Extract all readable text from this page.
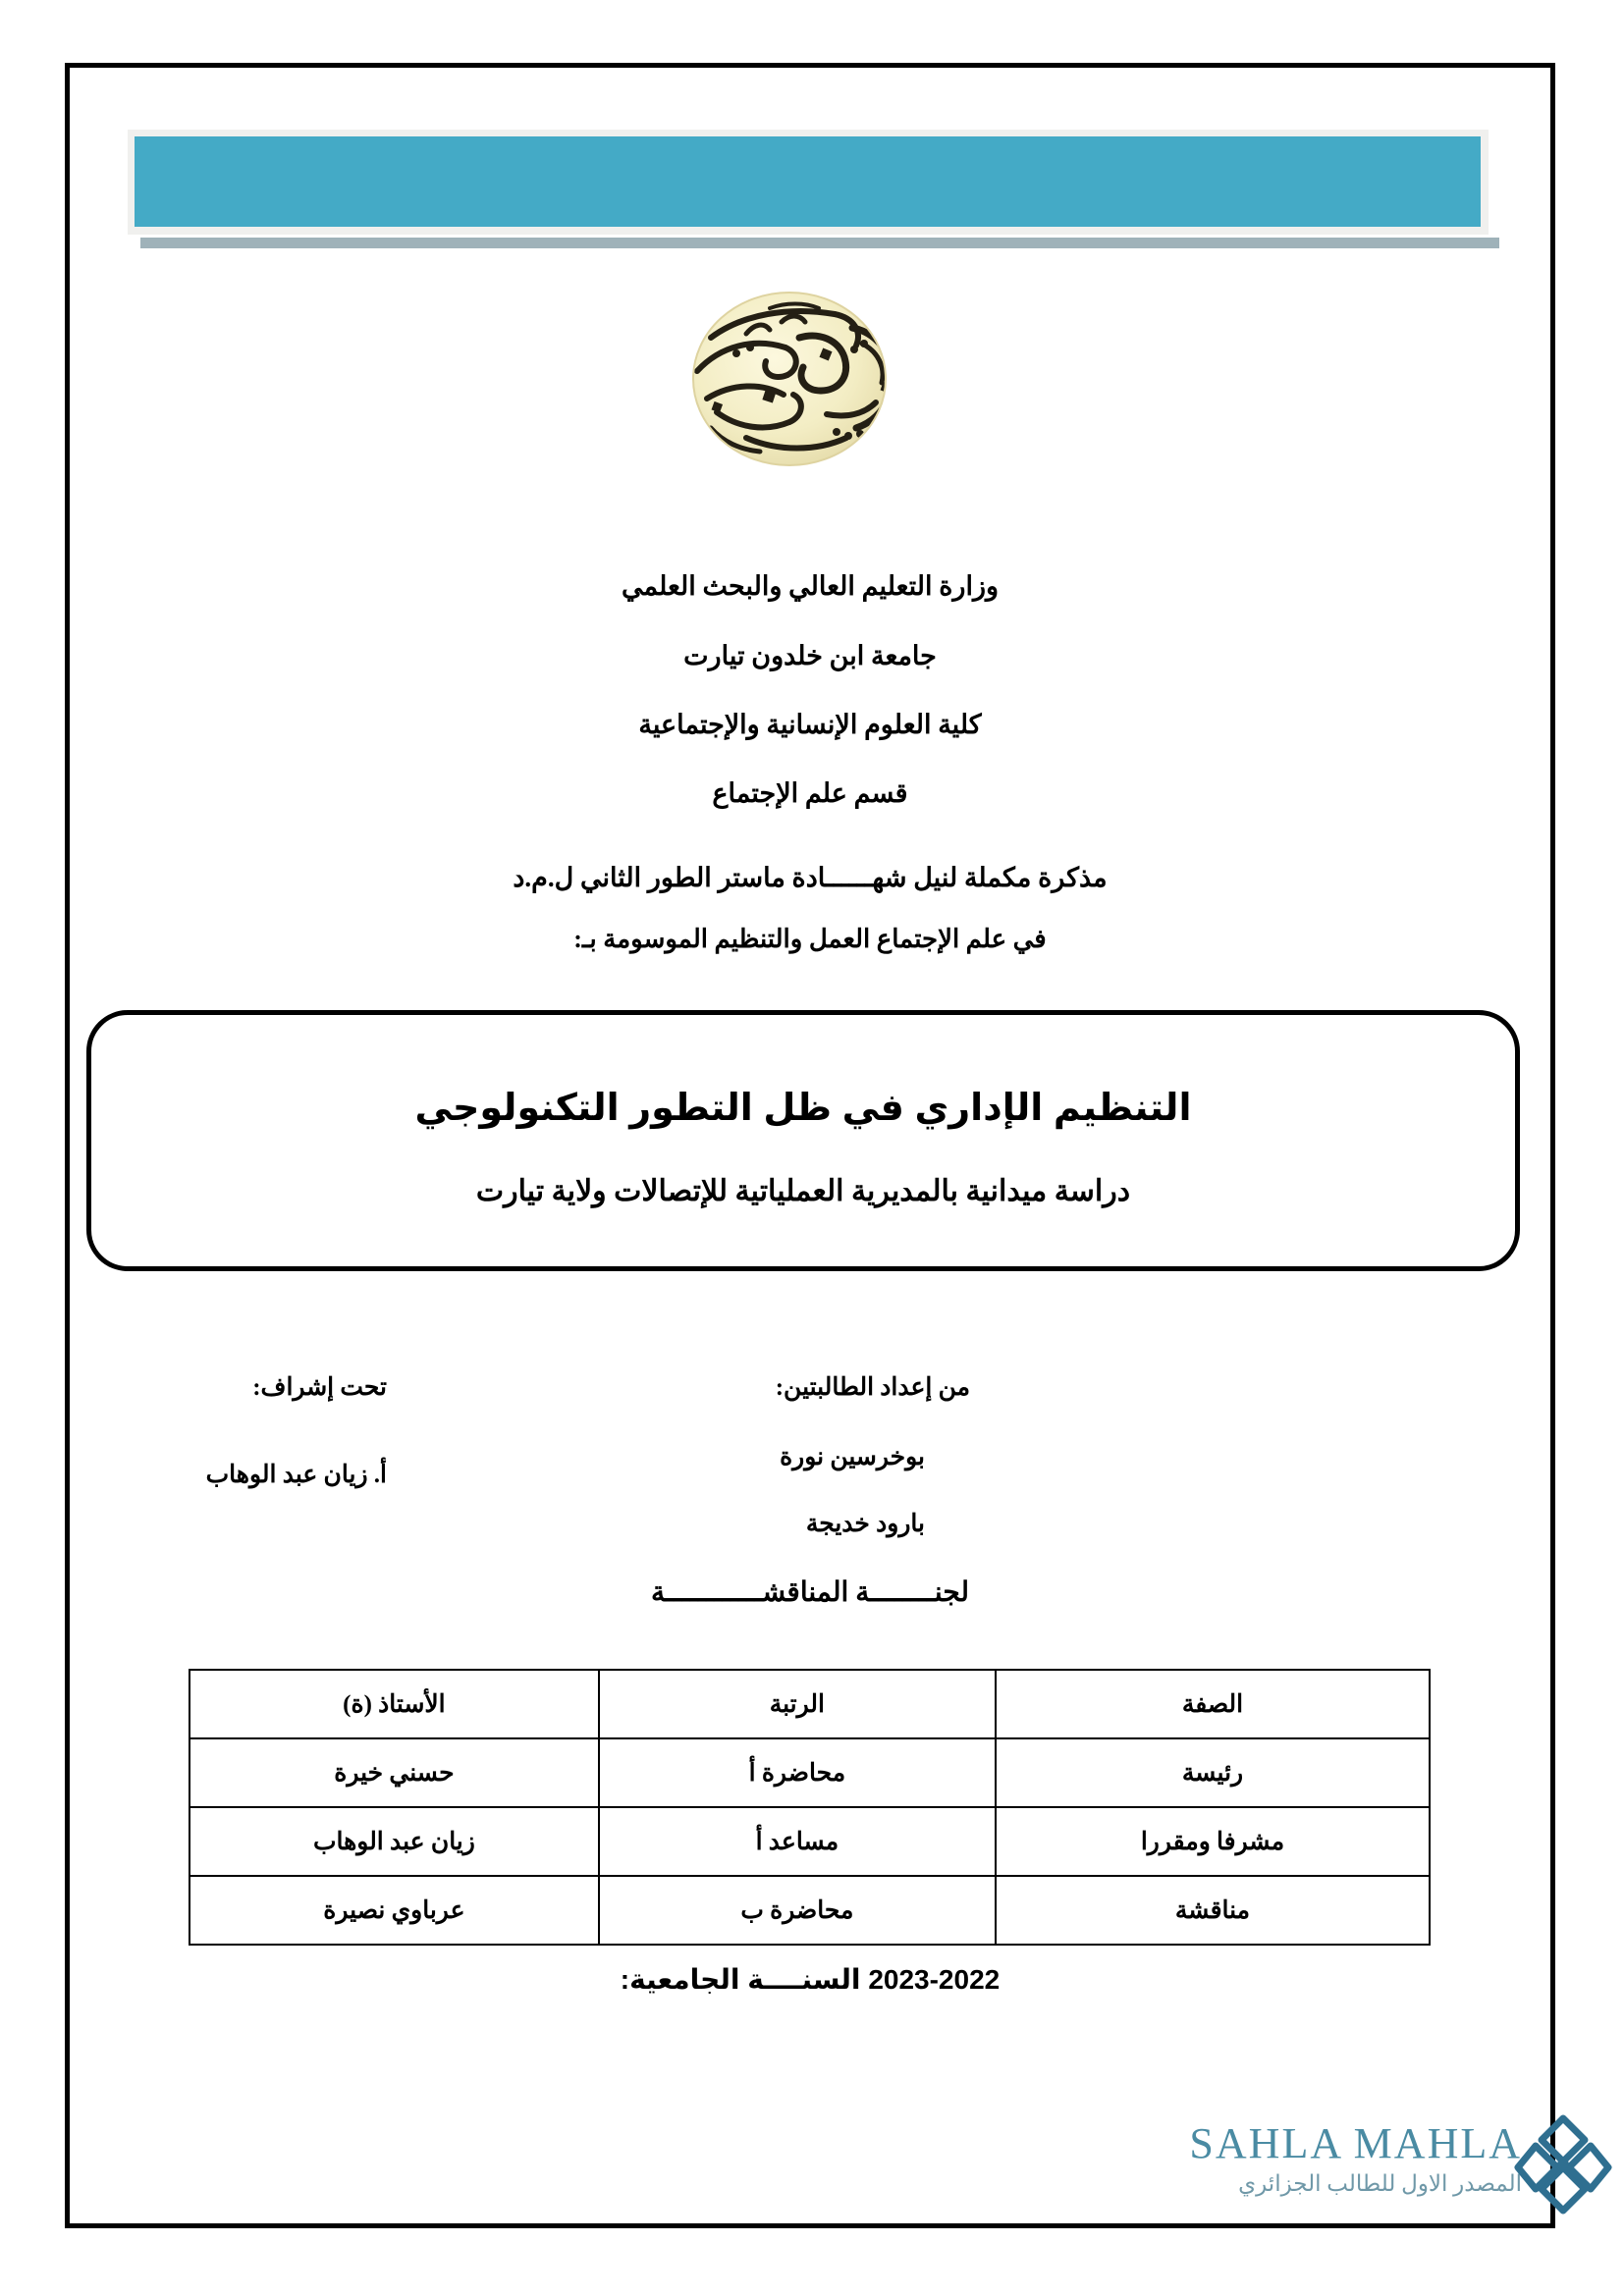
وزارة التعليم العالي والبحث العلمي
جامعة ابن خلدون تيارت
كلية العلوم الإنسانية والإجتماعية
قسم علم الإجتماع
مذكرة مكملة لنيل شهــــــادة ماستر الطور الثاني ل.م.د
في علم الإجتماع العمل والتنظيم الموسومة بـ:
التنظيم الإداري في ظل التطور التكنولوجي
دراسة ميدانية بالمديرية العملياتية للإتصالات ولاية تيارت
من إعداد الطالبتين:
بوخرسين نورة
بارود خديجة
تحت إشراف:
أ. زيان عبد الوهاب
لجنــــــــة المناقشــــــــــــة
الصفة	الرتبة	الأستاذ (ة)
رئيسة	محاضرة أ	حسني خيرة
مشرفا ومقررا	مساعد أ	زيان عبد الوهاب
مناقشة	محاضرة ب	عرباوي نصيرة
2023-2022 السنــــة الجامعية:
SAHLA MAHLA
المصدر الاول للطالب الجزائري
